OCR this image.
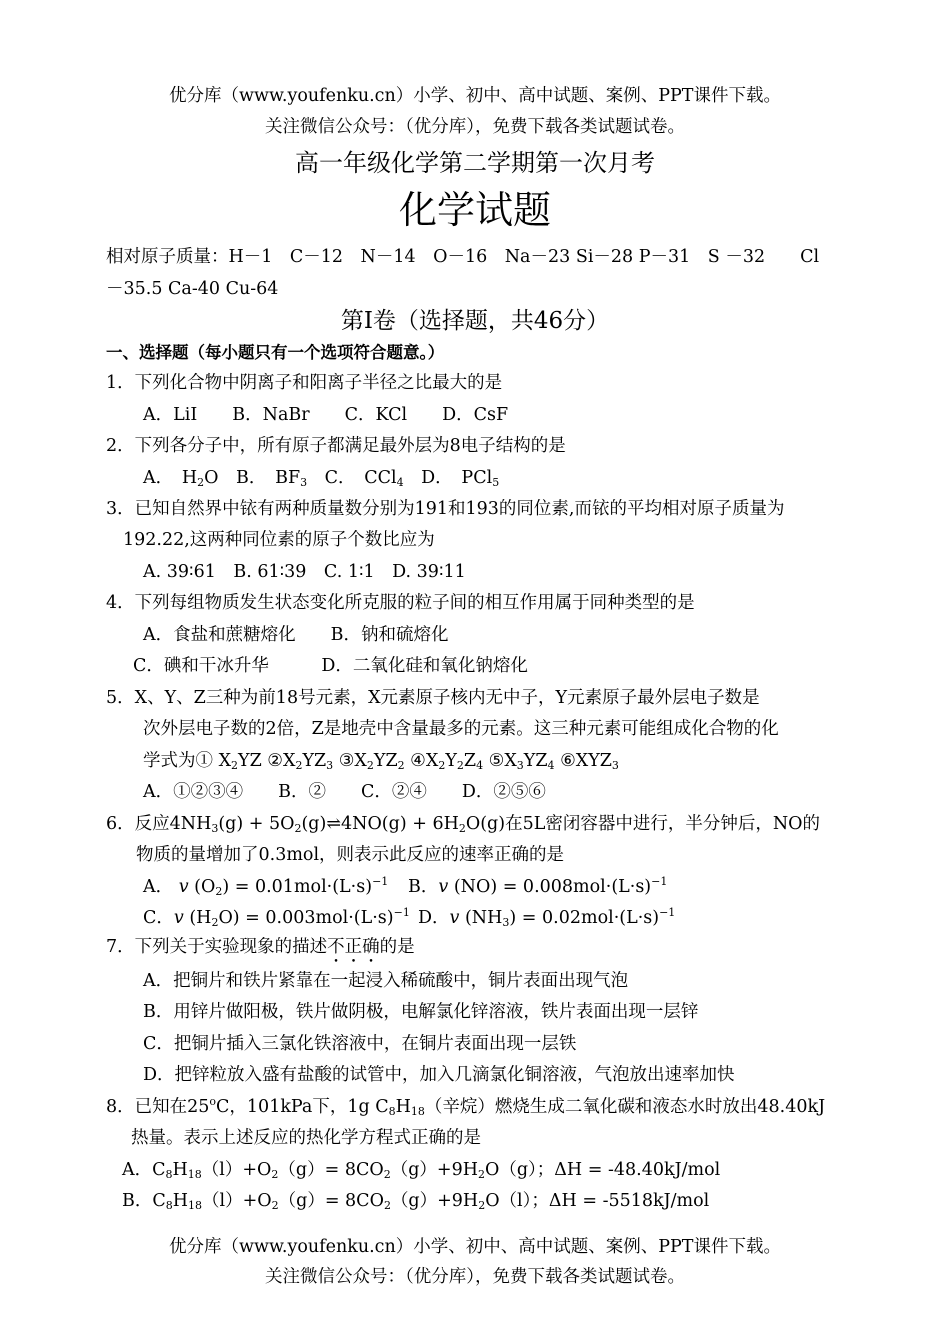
优分库（www.youfenku.cn）小学、初中、高中试题、案例、PPT课件下载。
关注微信公众号：（优分库），免费下载各类试题试卷。
高一年级化学第二学期第一次月考
化学试题
相对原子质量：H－1　C－12　N－14　O－16　Na－23 Si－28 P－31　S －32　　Cl
－35.5 Ca-40 Cu-64
第Ⅰ卷（选择题，共46分）
一、选择题（每小题只有一个选项符合题意。）
1．下列化合物中阴离子和阳离子半径之比最大的是
A．LiI　　B．NaBr　　C．KCl　　D．CsF
2．下列各分子中，所有原子都满足最外层为8电子结构的是
A．　$H_2O$　B．　$BF_3$　C．　CCl$_4$　D．　PCl$_5$
3．已知自然界中铱有两种质量数分别为191和193的同位素,而铱的平均相对原子质量为
192.22,这两种同位素的原子个数比应为
A. 39∶61　B. 61∶39　C. 1∶1　D. 39∶11
4．下列每组物质发生状态变化所克服的粒子间的相互作用属于同种类型的是
A．食盐和蔗糖熔化　　B．钠和硫熔化
C．碘和干冰升华　　　D．二氧化硅和氧化钠熔化
5．X、Y、Z三种为前18号元素，X元素原子核内无中子，Y元素原子最外层电子数是
次外层电子数的2倍，Z是地壳中含量最多的元素。这三种元素可能组成化合物的化
学式为① $X_2YZ$ $②X_2YZ_3$ $③X_2YZ_2$ $④X_2Y_2Z_4$ $⑤X_3YZ_4$ $⑥XYZ_3$
A．①②③④　　B．②　　C．②④　　D．②⑤⑥
6．反应$4NH_3(g)$ + $5O_2(g)\rightleftharpoons 4NO(g) + 6H_2O(g)$在5L密闭容器中进行，半分钟后，NO的
物质的量增加了0.3mol，则表示此反应的速率正确的是
A． v $(O_2) = 0.01mol\cdot(L\cdot s)^{-1}$ B．v $(NO) = 0.008mol\cdot(L\cdot s)^{-1}$
C．v $(H_2O) = 0.003mol\cdot(L\cdot s)^{-1}$ D．v $(NH_3) = 0.02mol\cdot(L\cdot s)^{-1}$
7．下列关于实验现象的描述不正确的是
A．把铜片和铁片紧靠在一起浸入稀硫酸中，铜片表面出现气泡
B．用锌片做阳极，铁片做阴极，电解氯化锌溶液，铁片表面出现一层锌
C．把铜片插入三氯化铁溶液中，在铜片表面出现一层铁
D．把锌粒放入盛有盐酸的试管中，加入几滴氯化铜溶液，气泡放出速率加快
8．已知在25$^o$C，101kPa下，1g $C_8H_{18}$（辛烷）燃烧生成二氧化碳和液态水时放出48.40kJ
热量。表示上述反应的热化学方程式正确的是
A．$C_8H_{18}(l)+O_2(g)= 8CO_2(g)+9H_2O(g)$；ΔH = -48.40kJ/mol
B．$C_8H_{18}(l)+O_2(g)= 8CO_2(g)+9H_2O(l)$；ΔH = -5518kJ/mol
优分库（www.youfenku.cn）小学、初中、高中试题、案例、PPT课件下载。
关注微信公众号：（优分库），免费下载各类试题试卷。
